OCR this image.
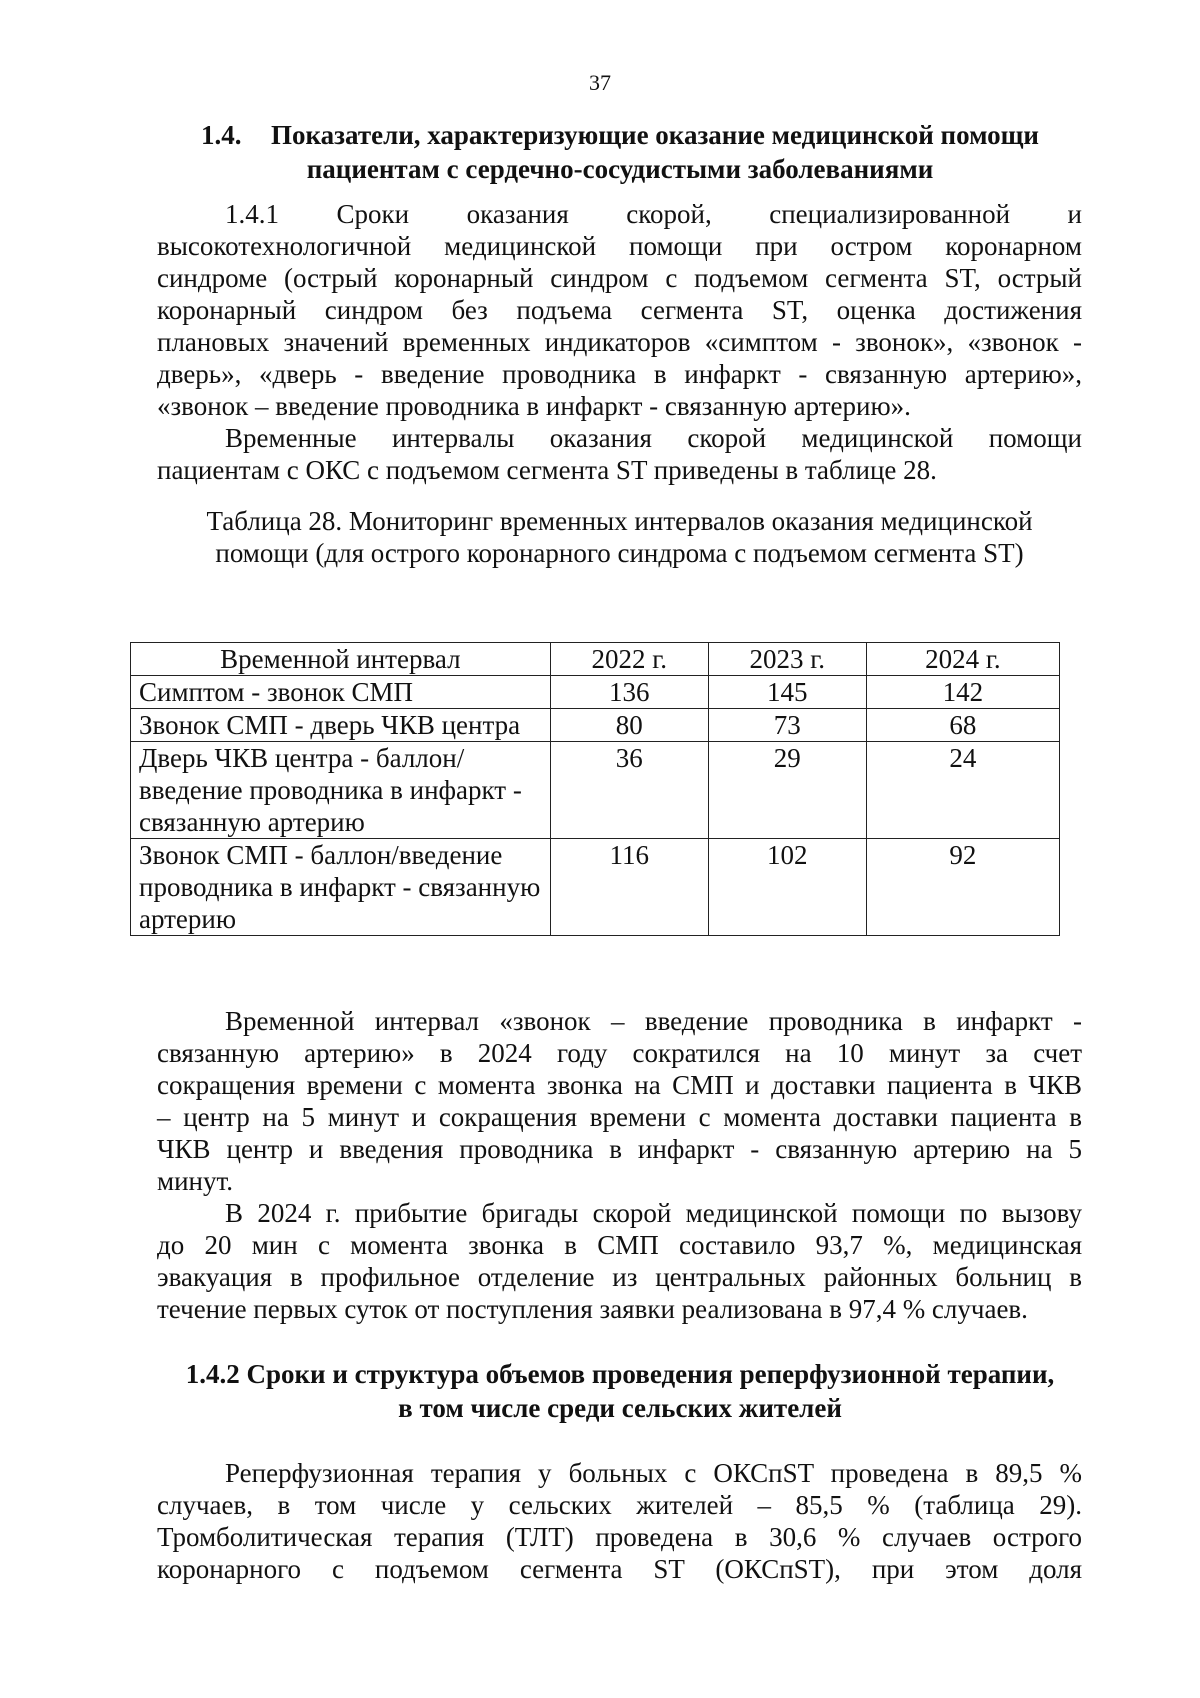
37
1.4. Показатели, характеризующие оказание медицинской помощи
пациентам с сердечно-сосудистыми заболеваниями
1.4.1 Сроки оказания скорой, специализированной и
высокотехнологичной медицинской помощи при остром коронарном
синдроме (острый коронарный синдром с подъемом сегмента ST, острый
коронарный синдром без подъема сегмента ST, оценка достижения
плановых значений временных индикаторов «симптом - звонок», «звонок -
дверь», «дверь - введение проводника в инфаркт - связанную артерию»,
«звонок – введение проводника в инфаркт - связанную артерию».
Временные интервалы оказания скорой медицинской помощи
пациентам с ОКС с подъемом сегмента ST приведены в таблице 28.
Таблица 28. Мониторинг временных интервалов оказания медицинской
помощи (для острого коронарного синдрома с подъемом сегмента ST)
Временной интервал	2022 г.	2023 г.	2024 г.
Симптом - звонок СМП	136	145	142
Звонок СМП - дверь ЧКВ центра	80	73	68
Дверь ЧКВ центра - баллон/ введение проводника в инфаркт - связанную артерию	36	29	24
Звонок СМП - баллон/введение проводника в инфаркт - связанную артерию	116	102	92
Временной интервал «звонок – введение проводника в инфаркт -
связанную артерию» в 2024 году сократился на 10 минут за счет
сокращения времени с момента звонка на СМП и доставки пациента в ЧКВ
– центр на 5 минут и сокращения времени с момента доставки пациента в
ЧКВ центр и введения проводника в инфаркт - связанную артерию на 5
минут.
В 2024 г. прибытие бригады скорой медицинской помощи по вызову
до 20 мин с момента звонка в СМП составило 93,7 %, медицинская
эвакуация в профильное отделение из центральных районных больниц в
течение первых суток от поступления заявки реализована в 97,4 % случаев.
1.4.2 Сроки и структура объемов проведения реперфузионной терапии,
в том числе среди сельских жителей
Реперфузионная терапия у больных с ОКСпST проведена в 89,5 %
случаев, в том числе у сельских жителей – 85,5 % (таблица 29).
Тромболитическая терапия (ТЛТ) проведена в 30,6 % случаев острого
коронарного с подъемом сегмента ST (ОКСпST), при этом доля
